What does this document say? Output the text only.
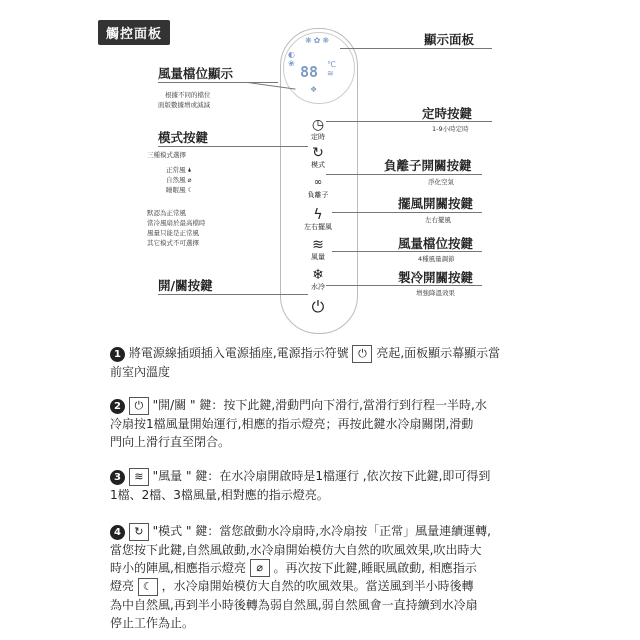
觸控面板	❋✿❋
◐
❀ 88 ℃
≋
❖
◷
定時
↻
模式
∞
負離子
ϟ
左右擺風
≋
風量
❄
水冷
⏻
風量檔位顯示
根據不同的檔位
面版數據增或減減
模式按鍵
三種模式選擇
正常風 🌢
自然風 ⌀
睡眠風 ☾
默認為正常風
當冷風扇於最高檔時
風量只能是正常風
其它模式不可選擇
開/關按鍵
顯示面板
定時按鍵
1-9小時定時
負離子開關按鍵
淨化空氣
擺風開關按鍵
左右擺風
風量檔位按鍵
4種風量調節
製冷開關按鍵
增強降溫效果
1 將電源線插頭插入電源插座,電源指示符號 ⏻ 亮起,面板顯示幕顯示當
前室內溫度
2 ⏻ "開/關 " 鍵：按下此鍵,滑動門向下滑行,當滑行到行程一半時,水
冷扇按1檔風量開始運行,相應的指示燈亮；再按此鍵水冷扇關閉,滑動
門向上滑行直至閉合。
3 ≋ "風量 " 鍵：在水冷扇開啟時是1檔運行 ,依次按下此鍵,即可得到
1檔、2檔、3檔風量,相對應的指示燈亮。
4 ↻ "模式 " 鍵：當您啟動水冷扇時,水冷扇按「正常」風量連續運轉,
當您按下此鍵,自然風啟動,水冷扇開始模仿大自然的吹風效果,吹出時大
時小的陣風,相應指示燈亮 ⌀ 。再次按下此鍵,睡眠風啟動, 相應指示
燈亮 ☾ ，水冷扇開始模仿大自然的吹風效果。當送風到半小時後轉
為中自然風,再到半小時後轉為弱自然風,弱自然風會一直持續到水冷扇
停止工作為止。
